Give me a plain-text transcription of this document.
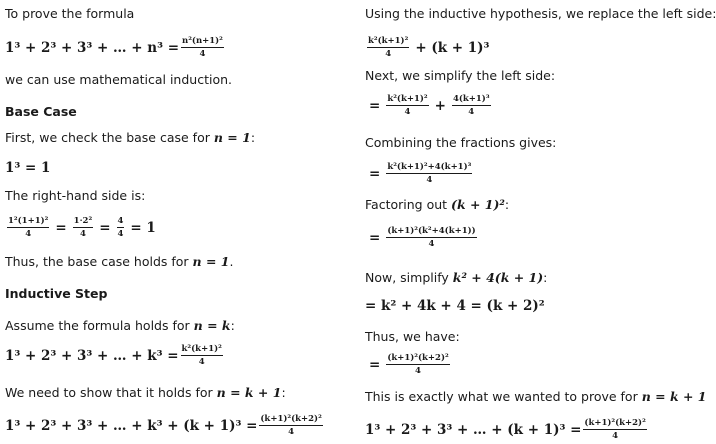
To prove the formula
1³ + 2³ + 3³ + … + $n^3 = \frac{\text{n²(n+1)²}}{4}$
we can use mathematical induction.
Base Case
First, we check the base case for n = 1:
1³ = 1
The right-hand side is:
$\frac{\text{1²(1+1)²}}{4} = \frac{\text{1·2²}}{4} = \frac{4}{4} = 1$
Thus, the base case holds for n = 1.
Inductive Step
Assume the formula holds for n = k:
1³ + 2³ + 3³ + … + $k^3 = \frac{\text{k²(k+1)²}}{4}$
We need to show that it holds for n = k + 1:
1³ + 2³ + 3³ + … + $k^3 + (k + 1)^3 = \frac{\text{(k+1)²(k+2)²}}{4}$
Using the inductive hypothesis, we replace the left side:
$\frac{\text{k²(k+1)²}}{4} + (k + 1)^3$
Next, we simplify the left side:
= $\frac{\text{k²(k+1)²}}{4} + \frac{\text{4(k+1)³}}{4}$
Combining the fractions gives:
= $\frac{\text{k²(k+1)²+4(k+1)³}}{4}$
Factoring out (k + 1)²:
= $\frac{\text{(k+1)²(k²+4(k+1))}}{4}$
Now, simplify k² + 4(k + 1):
= k² + 4k + 4 = (k + 2)²
Thus, we have:
= $\frac{\text{(k+1)²(k+2)²}}{4}$
This is exactly what we wanted to prove for n = k + 1
1³ + 2³ + 3³ + … + $(k + 1)^3 = \frac{\text{(k+1)²(k+2)²}}{4}$
